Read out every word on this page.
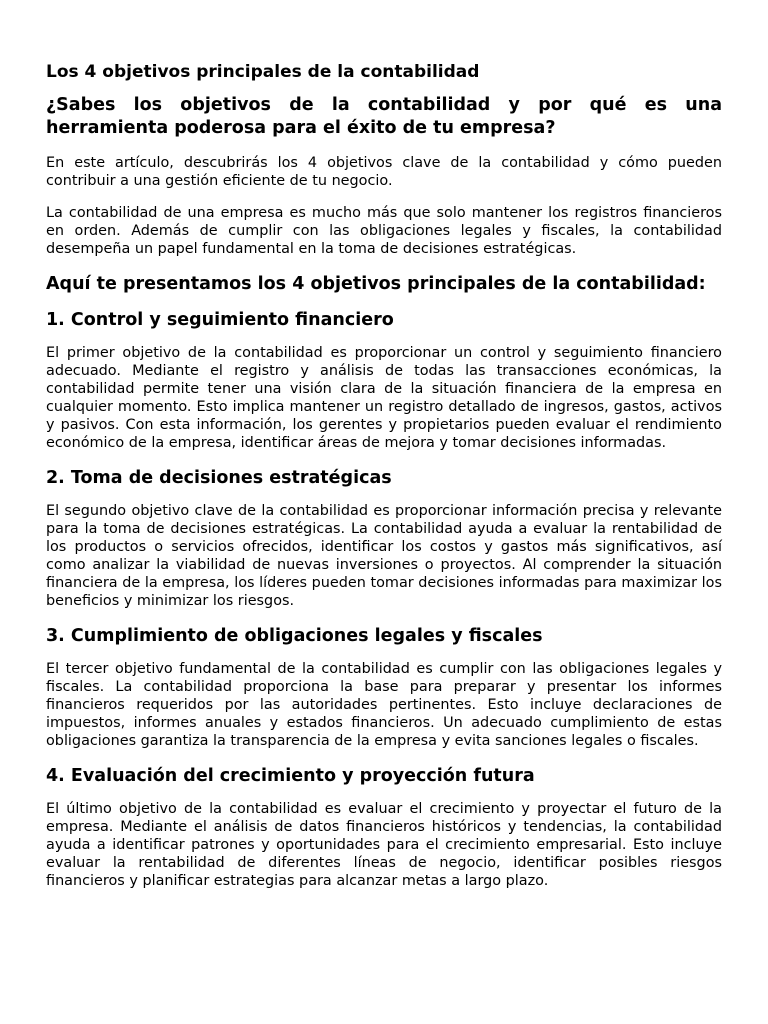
Los 4 objetivos principales de la contabilidad
¿Sabes los objetivos de la contabilidad y por qué es una herramienta poderosa para el éxito de tu empresa?

En este artículo, descubrirás los 4 objetivos clave de la contabilidad y cómo pueden contribuir a una gestión eficiente de tu negocio.

La contabilidad de una empresa es mucho más que solo mantener los registros financieros en orden. Además de cumplir con las obligaciones legales y fiscales, la contabilidad desempeña un papel fundamental en la toma de decisiones estratégicas.

Aquí te presentamos los 4 objetivos principales de la contabilidad:
1. Control y seguimiento financiero

El primer objetivo de la contabilidad es proporcionar un control y seguimiento financiero adecuado. Mediante el registro y análisis de todas las transacciones económicas, la contabilidad permite tener una visión clara de la situación financiera de la empresa en cualquier momento. Esto implica mantener un registro detallado de ingresos, gastos, activos y pasivos. Con esta información, los gerentes y propietarios pueden evaluar el rendimiento económico de la empresa, identificar áreas de mejora y tomar decisiones informadas.

2. Toma de decisiones estratégicas

El segundo objetivo clave de la contabilidad es proporcionar información precisa y relevante para la toma de decisiones estratégicas. La contabilidad ayuda a evaluar la rentabilidad de los productos o servicios ofrecidos, identificar los costos y gastos más significativos, así como analizar la viabilidad de nuevas inversiones o proyectos. Al comprender la situación financiera de la empresa, los líderes pueden tomar decisiones informadas para maximizar los beneficios y minimizar los riesgos.

3. Cumplimiento de obligaciones legales y fiscales

El tercer objetivo fundamental de la contabilidad es cumplir con las obligaciones legales y fiscales. La contabilidad proporciona la base para preparar y presentar los informes financieros requeridos por las autoridades pertinentes. Esto incluye declaraciones de impuestos, informes anuales y estados financieros. Un adecuado cumplimiento de estas obligaciones garantiza la transparencia de la empresa y evita sanciones legales o fiscales.

4. Evaluación del crecimiento y proyección futura

El último objetivo de la contabilidad es evaluar el crecimiento y proyectar el futuro de la empresa. Mediante el análisis de datos financieros históricos y tendencias, la contabilidad ayuda a identificar patrones y oportunidades para el crecimiento empresarial. Esto incluye evaluar la rentabilidad de diferentes líneas de negocio, identificar posibles riesgos financieros y planificar estrategias para alcanzar metas a largo plazo.
